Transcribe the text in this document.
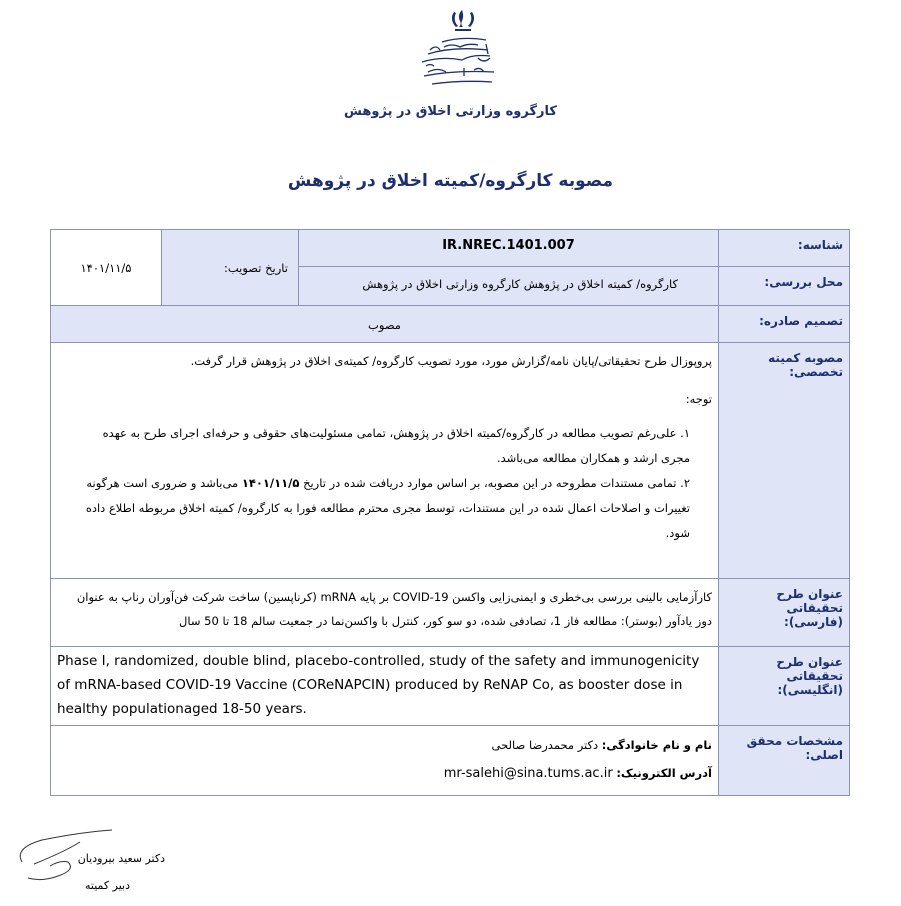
کارگروه وزارتی اخلاق در پژوهش
مصوبه کارگروه/کمیته اخلاق در پژوهش
شناسه:	IR.NREC.1401.007	تاریخ تصویب:	۱۴۰۱/۱۱/۵
محل بررسی:	کارگروه/ کمیته اخلاق در پژوهش کارگروه وزارتی اخلاق در پژوهش		
تصمیم صادره:	مصوب		
مصوبه کمیته تخصصی:	پروپوزال طرح تحقیقاتی/پایان نامه/گزارش مورد، مورد تصویب کارگروه/ کمیته‌ی اخلاق در پژوهش قرار گرفت.

توجه:

۱. علی‌رغم تصویب مطالعه در کارگروه/کمیته اخلاق در پژوهش، تمامی مسئولیت‌های حقوقی و حرفه‌ای اجرای طرح به عهده مجری ارشد و همکاران مطالعه می‌باشد.

۲. تمامی مستندات مطروحه در این مصوبه، بر اساس موارد دریافت شده در تاریخ ۱۴۰۱/۱۱/۵ می‌باشد و ضروری است هرگونه تغییرات و اصلاحات اعمال شده در این مستندات، توسط مجری محترم مطالعه فورا به کارگروه/ کمیته اخلاق مربوطه اطلاع داده شود.		

عنوان طرح تحقیقاتی (فارسی):	کارآزمایی بالینی بررسی بی‌خطری و ایمنی‌زایی واکسن COVID-19 بر پایه mRNA (کرناپسین) ساخت شرکت فن‌آوران رناپ به عنوان دوز یادآور (بوستر): مطالعه فاز 1، تصادفی شده، دو سو کور، کنترل با واکسن‌نما در جمعیت سالم 18 تا 50 سال		
عنوان طرح تحقیقاتی (انگلیسی):	Phase I, randomized, double blind, placebo-controlled, study of the safety and immunogenicity of mRNA-based COVID-19 Vaccine (COReNAPCIN) produced by ReNAP Co, as booster dose in healthy populationaged 18-50 years.		
مشخصات محقق اصلی:	نام و نام خانوادگی: دکتر محمدرضا صالحی
آدرس الکترونیک: mr-salehi@sina.tums.ac.ir		
دکتر سعید بیرودیان
دبیر کمیته
